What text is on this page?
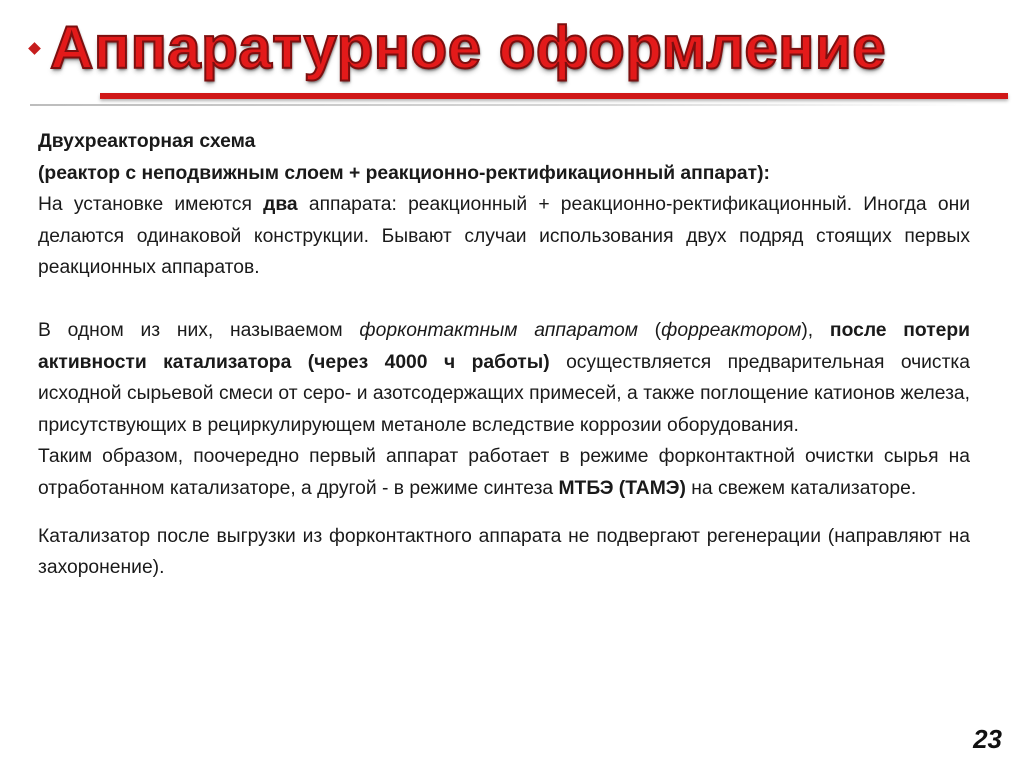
Аппаратурное оформление

Двухреакторная схема

(реактор с неподвижным слоем + реакционно-ректификационный аппарат):

На установке имеются два аппарата: реакционный + реакционно-ректификационный. Иногда они делаются одинаковой конструкции. Бывают случаи использования двух подряд стоящих первых реакционных аппаратов.

В одном из них, называемом форконтактным аппаратом (форреактором), после потери активности катализатора (через 4000 ч работы) осуществляется предварительная очистка исходной сырьевой смеси от серо- и азотсодержащих примесей, а также поглощение катионов железа, присутствующих в рециркулирующем метаноле вследствие коррозии оборудования.

Таким образом, поочередно первый аппарат работает в режиме форконтактной очистки сырья на отработанном катализаторе, а другой - в режиме синтеза МТБЭ (ТАМЭ) на свежем катализаторе.

Катализатор после выгрузки из форконтактного аппарата не подвергают регенерации (направляют на захоронение).

23
